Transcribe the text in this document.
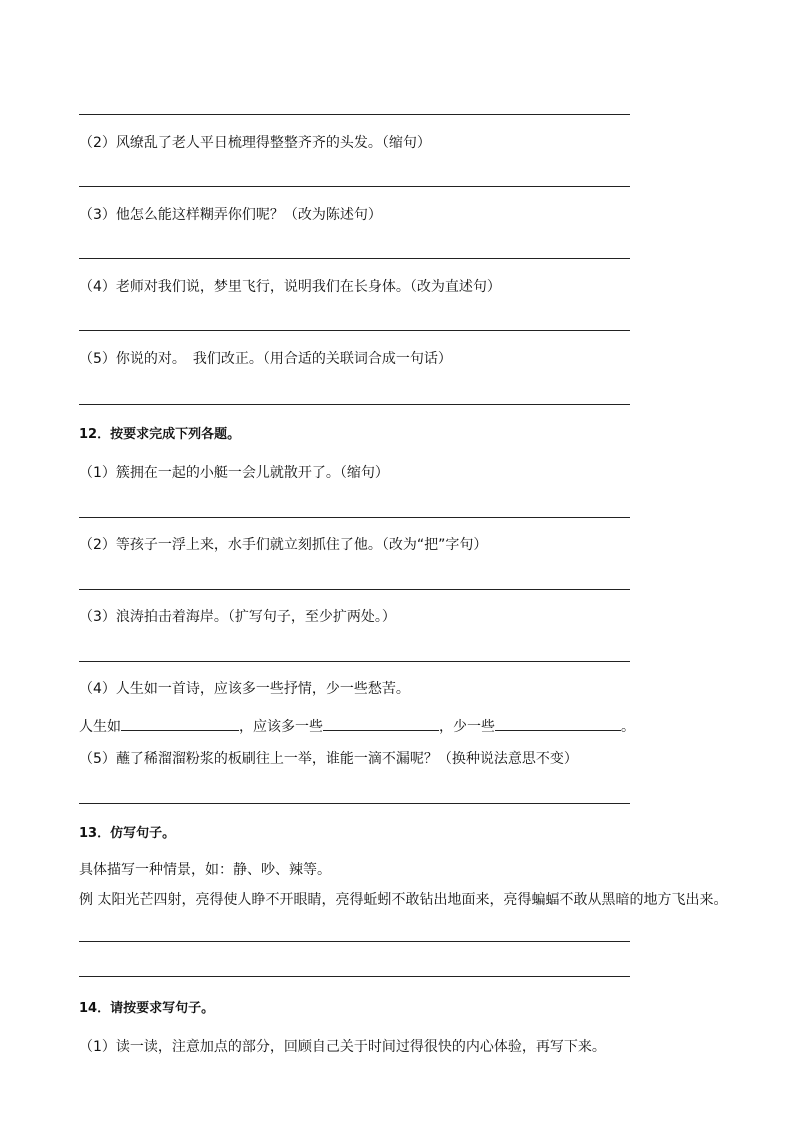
（2）风缭乱了老人平日梳理得整整齐齐的头发。（缩句）
（3）他怎么能这样糊弄你们呢？（改为陈述句）
（4）老师对我们说，梦里飞行，说明我们在长身体。（改为直述句）
（5）你说的对。　我们改正。（用合适的关联词合成一句话）
12．按要求完成下列各题。
（1）簇拥在一起的小艇一会儿就散开了。（缩句）
（2）等孩子一浮上来，水手们就立刻抓住了他。（改为“把”字句）
（3）浪涛拍击着海岸。（扩写句子，至少扩两处。）
（4）人生如一首诗，应该多一些抒情，少一些愁苦。
人生如	，应该多一些	，少一些	。
（5）蘸了稀溜溜粉浆的板刷往上一举，谁能一滴不漏呢？（换种说法意思不变）
13．仿写句子。
具体描写一种情景，如：静、吵、辣等。
例 太阳光芒四射，亮得使人睁不开眼睛，亮得蚯蚓不敢钻出地面来，亮得蝙蝠不敢从黑暗的地方飞出来。
14．请按要求写句子。
（1）读一读，注意加点的部分，回顾自己关于时间过得很快的内心体验，再写下来。
